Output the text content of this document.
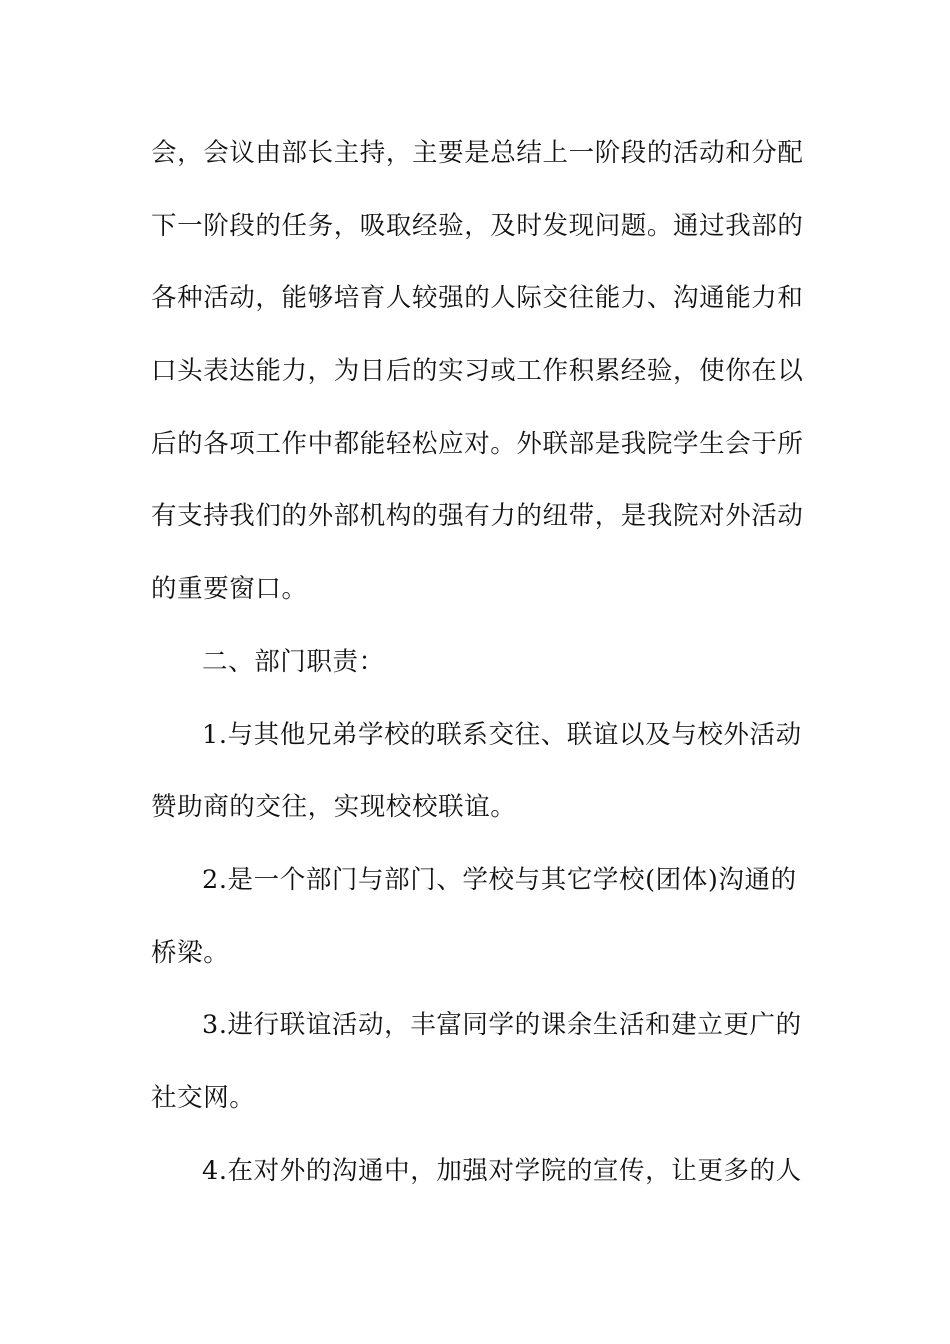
会，会议由部长主持，主要是总结上一阶段的活动和分配
下一阶段的任务，吸取经验，及时发现问题。通过我部的
各种活动，能够培育人较强的人际交往能力、沟通能力和
口头表达能力，为日后的实习或工作积累经验，使你在以
后的各项工作中都能轻松应对。外联部是我院学生会于所
有支持我们的外部机构的强有力的纽带，是我院对外活动
的重要窗口。
二、部门职责：
1.与其他兄弟学校的联系交往、联谊以及与校外活动
赞助商的交往，实现校校联谊。
2.是一个部门与部门、学校与其它学校(团体)沟通的
桥梁。
3.进行联谊活动，丰富同学的课余生活和建立更广的
社交网。
4.在对外的沟通中，加强对学院的宣传，让更多的人
